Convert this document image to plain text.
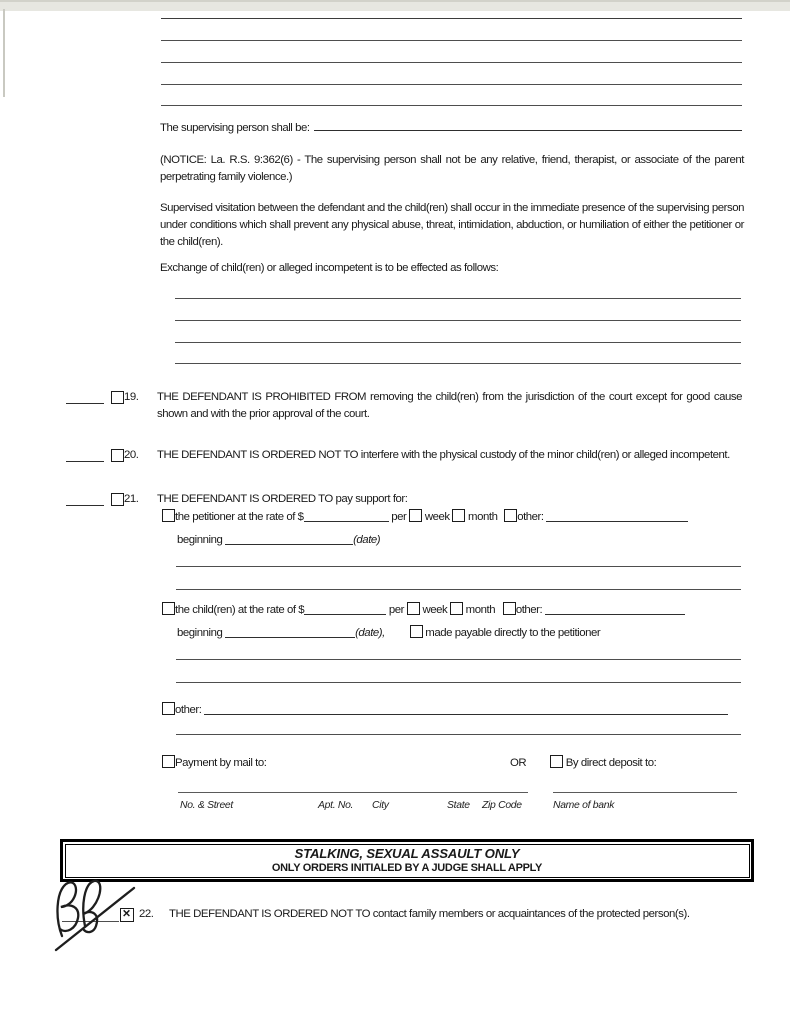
The supervising person shall be:
(NOTICE: La. R.S. 9:362(6) - The supervising person shall not be any relative, friend, therapist, or associate of the parent perpetrating family violence.)
Supervised visitation between the defendant and the child(ren) shall occur in the immediate presence of the supervising person under conditions which shall prevent any physical abuse, threat, intimidation, abduction, or humiliation of either the petitioner or the child(ren).
Exchange of child(ren) or alleged incompetent is to be effected as follows:
19.	THE DEFENDANT IS PROHIBITED FROM removing the child(ren) from the jurisdiction of the court except for good cause shown and with the prior approval of the court.
20.	THE DEFENDANT IS ORDERED NOT TO interfere with the physical custody of the minor child(ren) or alleged incompetent.
21.	THE DEFENDANT IS ORDERED TO pay support for:
the petitioner at the rate of $	per week month other:
beginning	(date)
the child(ren) at the rate of $	per week month other:
beginning	(date),	made payable directly to the petitioner
other:
Payment by mail to:	OR	By direct deposit to:
No. & Street	Apt. No. City	State Zip Code	Name of bank
STALKING, SEXUAL ASSAULT ONLY
ONLY ORDERS INITIALED BY A JUDGE SHALL APPLY
✕
22.	THE DEFENDANT IS ORDERED NOT TO contact family members or acquaintances of the protected person(s).
